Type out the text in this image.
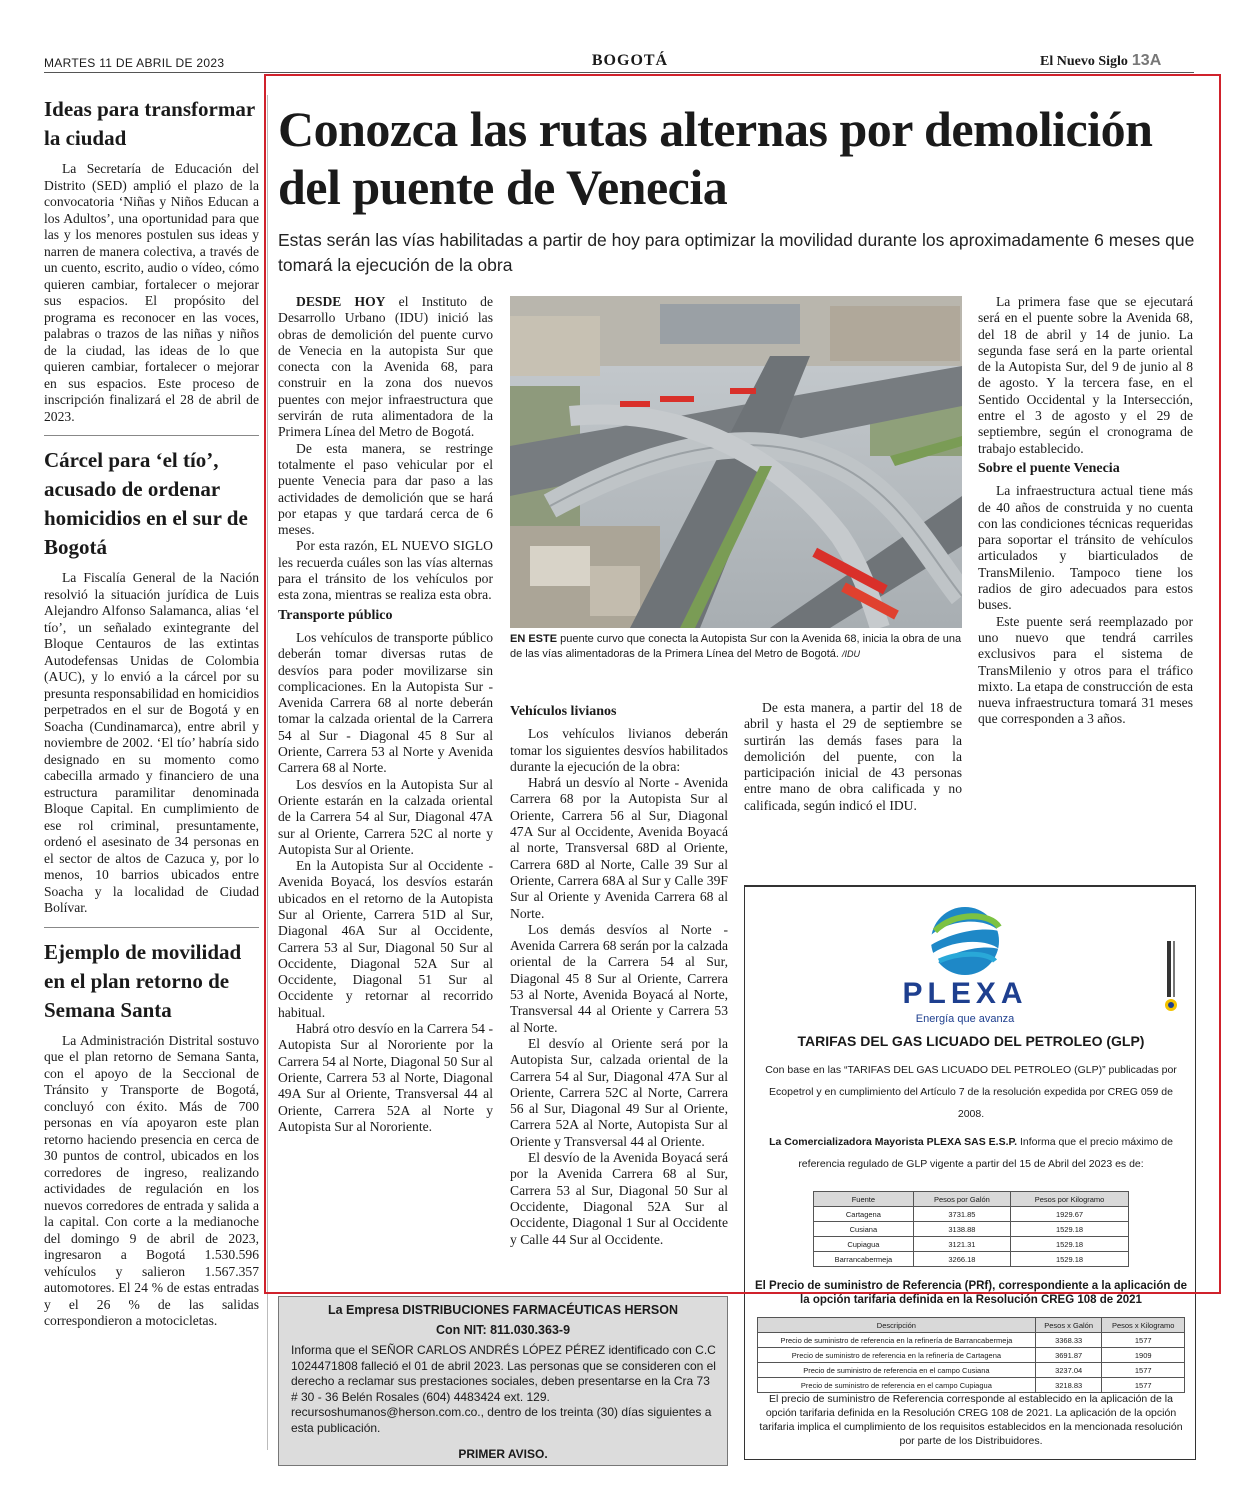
MARTES 11 DE ABRIL DE 2023	BOGOTÁ	El Nuevo Siglo 13A
Ideas para transformar la ciudad

La Secretaría de Educación del Distrito (SED) amplió el plazo de la convocatoria ‘Niñas y Niños Educan a los Adultos’, una oportunidad para que las y los menores postulen sus ideas y narren de manera colectiva, a través de un cuento, escrito, audio o vídeo, cómo quieren cambiar, fortalecer o mejorar sus espacios. El propósito del programa es reconocer en las voces, palabras o trazos de las niñas y niños de la ciudad, las ideas de lo que quieren cambiar, fortalecer o mejorar en sus espacios. Este proceso de inscripción finalizará el 28 de abril de 2023.

Cárcel para ‘el tío’, acusado de ordenar homicidios en el sur de Bogotá

La Fiscalía General de la Nación resolvió la situación jurídica de Luis Alejandro Alfonso Salamanca, alias ‘el tío’, un señalado exintegrante del Bloque Centauros de las extintas Autodefensas Unidas de Colombia (AUC), y lo envió a la cárcel por su presunta responsabilidad en homicidios perpetrados en el sur de Bogotá y en Soacha (Cundinamarca), entre abril y noviembre de 2002. ‘El tío’ habría sido designado en su momento como cabecilla armado y financiero de una estructura paramilitar denominada Bloque Capital. En cumplimiento de ese rol criminal, presuntamente, ordenó el asesinato de 34 personas en el sector de altos de Cazuca y, por lo menos, 10 barrios ubicados entre Soacha y la localidad de Ciudad Bolívar.

Ejemplo de movilidad en el plan retorno de Semana Santa

La Administración Distrital sostuvo que el plan retorno de Semana Santa, con el apoyo de la Seccional de Tránsito y Transporte de Bogotá, concluyó con éxito. Más de 700 personas en vía apoyaron este plan retorno haciendo presencia en cerca de 30 puntos de control, ubicados en los corredores de ingreso, realizando actividades de regulación en los nuevos corredores de entrada y salida a la capital. Con corte a la medianoche del domingo 9 de abril de 2023, ingresaron a Bogotá 1.530.596 vehículos y salieron 1.567.357 automotores. El 24 % de estas entradas y el 26 % de las salidas correspondieron a motocicletas.

Conozca las rutas alternas por demolición del puente de Venecia
Estas serán las vías habilitadas a partir de hoy para optimizar la movilidad durante los aproximadamente 6 meses que tomará la ejecución de la obra

DESDE HOY el Instituto de Desarrollo Urbano (IDU) inició las obras de demolición del puente curvo de Venecia en la autopista Sur que conecta con la Avenida 68, para construir en la zona dos nuevos puentes con mejor infraestructura que servirán de ruta alimentadora de la Primera Línea del Metro de Bogotá.

De esta manera, se restringe totalmente el paso vehicular por el puente Venecia para dar paso a las actividades de demolición que se hará por etapas y que tardará cerca de 6 meses.

Por esta razón, EL NUEVO SIGLO les recuerda cuáles son las vías alternas para el tránsito de los vehículos por esta zona, mientras se realiza esta obra.

Transporte público

Los vehículos de transporte público deberán tomar diversas rutas de desvíos para poder movilizarse sin complicaciones. En la Autopista Sur - Avenida Carrera 68 al norte deberán tomar la calzada oriental de la Carrera 54 al Sur - Diagonal 45 8 Sur al Oriente, Carrera 53 al Norte y Avenida Carrera 68 al Norte.

Los desvíos en la Autopista Sur al Oriente estarán en la calzada oriental de la Carrera 54 al Sur, Diagonal 47A sur al Oriente, Carrera 52C al norte y Autopista Sur al Oriente.

En la Autopista Sur al Occidente - Avenida Boyacá, los desvíos estarán ubicados en el retorno de la Autopista Sur al Oriente, Carrera 51D al Sur, Diagonal 46A Sur al Occidente, Carrera 53 al Sur, Diagonal 50 Sur al Occidente, Diagonal 52A Sur al Occidente, Diagonal 51 Sur al Occidente y retornar al recorrido habitual.

Habrá otro desvío en la Carrera 54 - Autopista Sur al Nororiente por la Carrera 54 al Norte, Diagonal 50 Sur al Oriente, Carrera 53 al Norte, Diagonal 49A Sur al Oriente, Transversal 44 al Oriente, Carrera 52A al Norte y Autopista Sur al Nororiente.

EN ESTE puente curvo que conecta la Autopista Sur con la Avenida 68, inicia la obra de una de las vías alimentadoras de la Primera Línea del Metro de Bogotá. /IDU

Vehículos livianos

Los vehículos livianos deberán tomar los siguientes desvíos habilitados durante la ejecución de la obra:

Habrá un desvío al Norte - Avenida Carrera 68 por la Autopista Sur al Oriente, Carrera 56 al Sur, Diagonal 47A Sur al Occidente, Avenida Boyacá al norte, Transversal 68D al Oriente, Carrera 68D al Norte, Calle 39 Sur al Oriente, Carrera 68A al Sur y Calle 39F Sur al Oriente y Avenida Carrera 68 al Norte.

Los demás desvíos al Norte - Avenida Carrera 68 serán por la calzada oriental de la Carrera 54 al Sur, Diagonal 45 8 Sur al Oriente, Carrera 53 al Norte, Avenida Boyacá al Norte, Transversal 44 al Oriente y Carrera 53 al Norte.

El desvío al Oriente será por la Autopista Sur, calzada oriental de la Carrera 54 al Sur, Diagonal 47A Sur al Oriente, Carrera 52C al Norte, Carrera 56 al Sur, Diagonal 49 Sur al Oriente, Carrera 52A al Norte, Autopista Sur al Oriente y Transversal 44 al Oriente.

El desvío de la Avenida Boyacá será por la Avenida Carrera 68 al Sur, Carrera 53 al Sur, Diagonal 50 Sur al Occidente, Diagonal 52A Sur al Occidente, Diagonal 1 Sur al Occidente y Calle 44 Sur al Occidente.

De esta manera, a partir del 18 de abril y hasta el 29 de septiembre se surtirán las demás fases para la demolición del puente, con la participación inicial de 43 personas entre mano de obra calificada y no calificada, según indicó el IDU.

La primera fase que se ejecutará será en el puente sobre la Avenida 68, del 18 de abril y 14 de junio. La segunda fase será en la parte oriental de la Autopista Sur, del 9 de junio al 8 de agosto. Y la tercera fase, en el Sentido Occidental y la Intersección, entre el 3 de agosto y el 29 de septiembre, según el cronograma de trabajo establecido.

Sobre el puente Venecia

La infraestructura actual tiene más de 40 años de construida y no cuenta con las condiciones técnicas requeridas para soportar el tránsito de vehículos articulados y biarticulados de TransMilenio. Tampoco tiene los radios de giro adecuados para estos buses.

Este puente será reemplazado por uno nuevo que tendrá carriles exclusivos para el sistema de TransMilenio y otros para el tráfico mixto. La etapa de construcción de esta nueva infraestructura tomará 31 meses que corresponden a 3 años.

PLEXA
Energía que avanza
TARIFAS DEL GAS LICUADO DEL PETROLEO (GLP)
Con base en las “TARIFAS DEL GAS LICUADO DEL PETROLEO (GLP)” publicadas por Ecopetrol y en cumplimiento del Artículo 7 de la resolución expedida por CREG 059 de 2008.
La Comercializadora Mayorista PLEXA SAS E.S.P. Informa que el precio máximo de referencia regulado de GLP vigente a partir del 15 de Abril del 2023 es de:
Fuente	Pesos por Galón	Pesos por Kilogramo
Cartagena	3731.85	1929.67
Cusiana	3138.88	1529.18
Cupiagua	3121.31	1529.18
Barrancabermeja	3266.18	1529.18
El Precio de suministro de Referencia (PRf), correspondiente a la aplicación de la opción tarifaria definida en la Resolución CREG 108 de 2021
Descripción	Pesos x Galón	Pesos x Kilogramo
Precio de suministro de referencia en la refinería de Barrancabermeja	3368.33	1577
Precio de suministro de referencia en la refinería de Cartagena	3691.87	1909
Precio de suministro de referencia en el campo Cusiana	3237.04	1577
Precio de suministro de referencia en el campo Cupiagua	3218.83	1577
El precio de suministro de Referencia corresponde al establecido en la aplicación de la opción tarifaria definida en la Resolución CREG 108 de 2021. La aplicación de la opción tarifaria implica el cumplimiento de los requisitos establecidos en la mencionada resolución por parte de los Distribuidores.
La Empresa DISTRIBUCIONES FARMACÉUTICAS HERSON
Con NIT: 811.030.363-9
Informa que el SEÑOR CARLOS ANDRÉS LÓPEZ PÉREZ identificado con C.C 1024471808 falleció el 01 de abril 2023. Las personas que se consideren con el derecho a reclamar sus prestaciones sociales, deben presentarse en la Cra 73 # 30 - 36 Belén Rosales (604) 4483424 ext. 129. recursoshumanos@herson.com.co., dentro de los treinta (30) días siguientes a esta publicación.
PRIMER AVISO.
